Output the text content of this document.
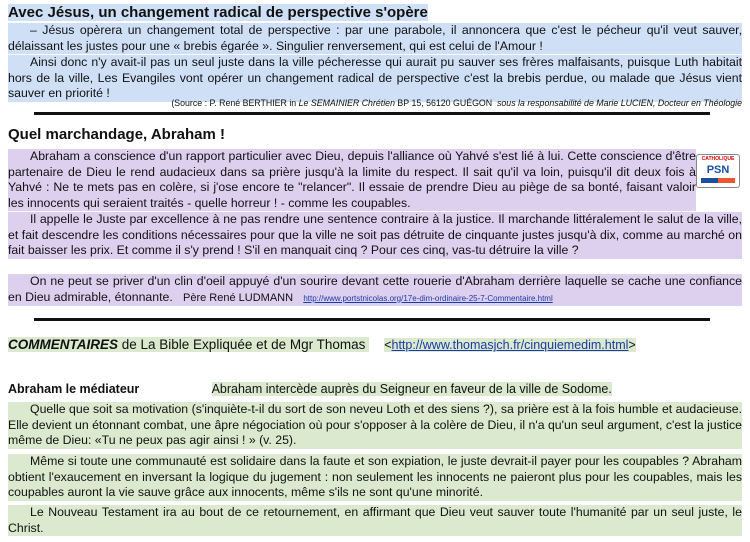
Avec Jésus, un changement radical de perspective s'opère
– Jésus opèrera un changement total de perspective : par une parabole, il annoncera que c'est le pécheur qu'il veut sauver, délaissant les justes pour une « brebis égarée ». Singulier renversement, qui est celui de l'Amour !
Ainsi donc n'y avait-il pas un seul juste dans la ville pécheresse qui aurait pu sauver ses frères malfaisants, puisque Luth habitait hors de la ville, Les Evangiles vont opérer un changement radical de perspective c'est la brebis perdue, ou malade que Jésus vient sauver en priorité !
(Source : P. René BERTHIER in Le SEMAINIER Chrétien BP 15, 56120 GUÉGON sous la responsabilité de Marie LUCIEN, Docteur en Théologie
Quel marchandage, Abraham !
Abraham a conscience d'un rapport particulier avec Dieu, depuis l'alliance où Yahvé s'est lié à lui. Cette conscience d'être partenaire de Dieu le rend audacieux dans sa prière jusqu'à la limite du respect. Il sait qu'il va loin, puisqu'il dit deux fois à Yahvé : Ne te mets pas en colère, si j'ose encore te "relancer". Il essaie de prendre Dieu au piège de sa bonté, faisant valoir les innocents qui seraient traités - quelle horreur ! - comme les coupables.
CATHOLIQUE
PSN
Il appelle le Juste par excellence à ne pas rendre une sentence contraire à la justice. Il marchande littéralement le salut de la ville, et fait descendre les conditions nécessaires pour que la ville ne soit pas détruite de cinquante justes jusqu'à dix, comme au marché on fait baisser les prix. Et comme il s'y prend ! S'il en manquait cinq ? Pour ces cinq, vas-tu détruire la ville ?
On ne peut se priver d'un clin d'oeil appuyé d'un sourire devant cette rouerie d'Abraham derrière laquelle se cache une confiance en Dieu admirable, étonnante. Père René LUDMANN http://www.portstnicolas.org/17e-dim-ordinaire-25-7-Commentaire.html
COMMENTAIRES de La Bible Expliquée et de Mgr Thomas <http://www.thomasjch.fr/cinquiemedim.html>
Abraham le médiateur	Abraham intercède auprès du Seigneur en faveur de la ville de Sodome.
Quelle que soit sa motivation (s'inquiète-t-il du sort de son neveu Loth et des siens ?), sa prière est à la fois humble et audacieuse. Elle devient un étonnant combat, une âpre négociation où pour s'opposer à la colère de Dieu, il n'a qu'un seul argument, c'est la justice même de Dieu: «Tu ne peux pas agir ainsi ! » (v. 25).
Même si toute une communauté est solidaire dans la faute et son expiation, le juste devrait-il payer pour les coupables ? Abraham obtient l'exaucement en inversant la logique du jugement : non seulement les innocents ne paieront plus pour les coupables, mais les coupables auront la vie sauve grâce aux innocents, même s'ils ne sont qu'une minorité.
Le Nouveau Testament ira au bout de ce retournement, en affirmant que Dieu veut sauver toute l'humanité par un seul juste, le Christ.
